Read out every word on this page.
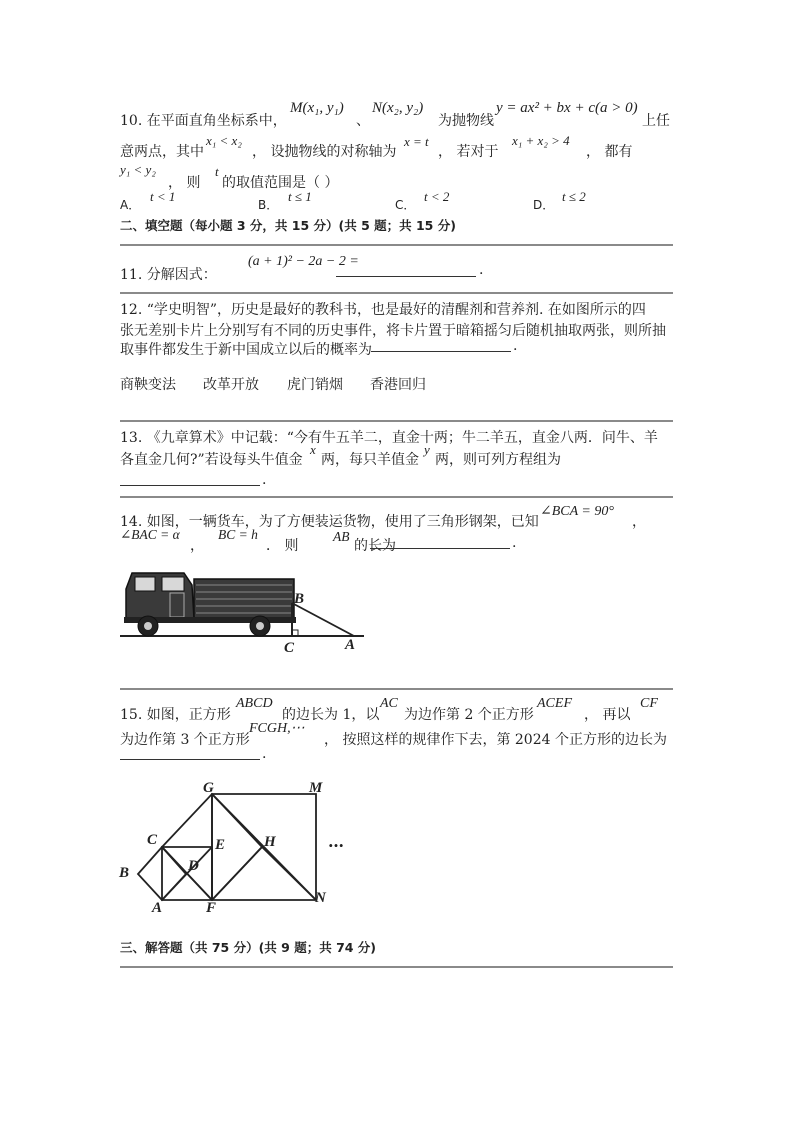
10. 在平面直角坐标系中，
M(x₁, y₁)
、
N(x₂, y₂)
为抛物线
y = ax² + bx + c(a > 0)
上任
意两点，其中
x₁ < x₂
， 设抛物线的对称轴为
x = t
， 若对于
x₁ + x₂ > 4
， 都有
y₁ < y₂
， 则
t
的取值范围是（ ）
A．
t < 1
B．
t ≤ 1
C．
t < 2
D．
t ≤ 2
二、填空题（每小题 3 分，共 15 分）(共 5 题；共 15 分)
11. 分解因式：
(a + 1)² − 2a − 2 =
.
12. “学史明智”，历史是最好的教科书，也是最好的清醒剂和营养剂. 在如图所示的四
张无差别卡片上分别写有不同的历史事件，将卡片置于暗箱摇匀后随机抽取两张，则所抽
取事件都发生于新中国成立以后的概率为	.
商鞅变法 改革开放 虎门销烟 香港回归
13. 《九章算术》中记载：“今有牛五羊二，直金十两；牛二羊五，直金八两．问牛、羊
各直金几何?”若设每头牛值金
x
两，每只羊值金
y
两，则可列方程组为
.
14. 如图，一辆货车，为了方便装运货物，使用了三角形钢架，已知
∠BCA = 90°
，
∠BAC = α
，
BC = h
． 则
AB
的长为	.
B
C	A
15. 如图，正方形
ABCD
的边长为 1，以
AC
为边作第 2 个正方形
ACEF
， 再以
CF
为边作第 3 个正方形
FCGH,⋯
， 按照这样的规律作下去，第 2024 个正方形的边长为
.
G	M
C	E	H
D
B
A	F
N
…
三、解答题（共 75 分）(共 9 题；共 74 分)
